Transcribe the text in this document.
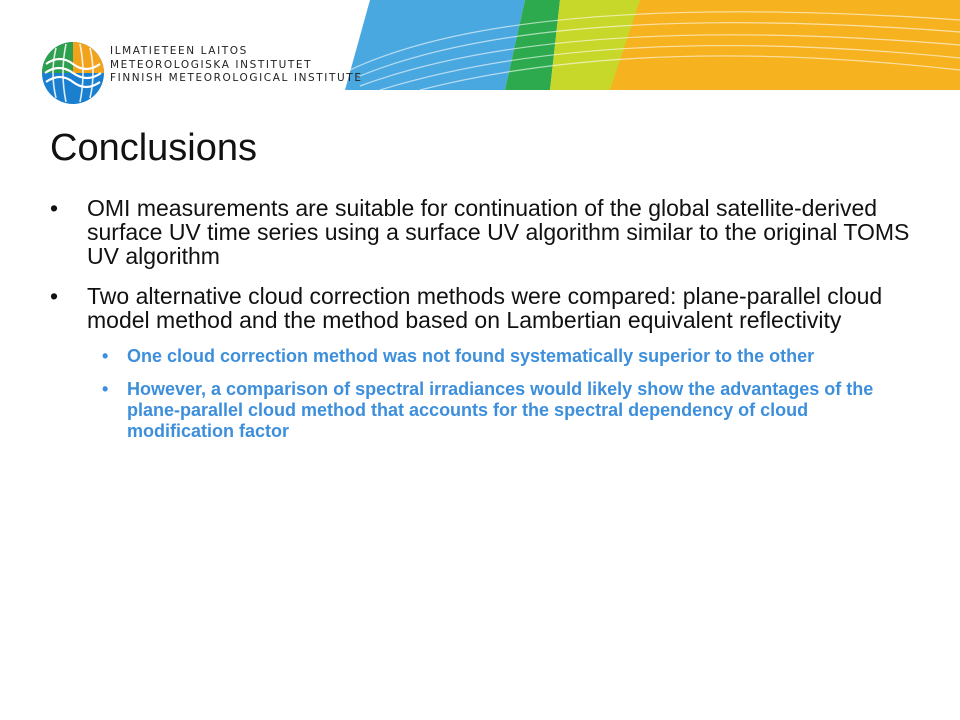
ILMATIETEEN LAITOS
METEOROLOGISKA INSTITUTET
FINNISH METEOROLOGICAL INSTITUTE
Conclusions
• OMI measurements are suitable for continuation of the global satellite-derived surface UV time series using a surface UV algorithm similar to the original TOMS UV algorithm
• Two alternative cloud correction methods were compared: plane-parallel cloud model method and the method based on Lambertian equivalent reflectivity
• One cloud correction method was not found systematically superior to the other
• However, a comparison of spectral irradiances would likely show the advantages of the plane-parallel cloud method that accounts for the spectral dependency of cloud modification factor
